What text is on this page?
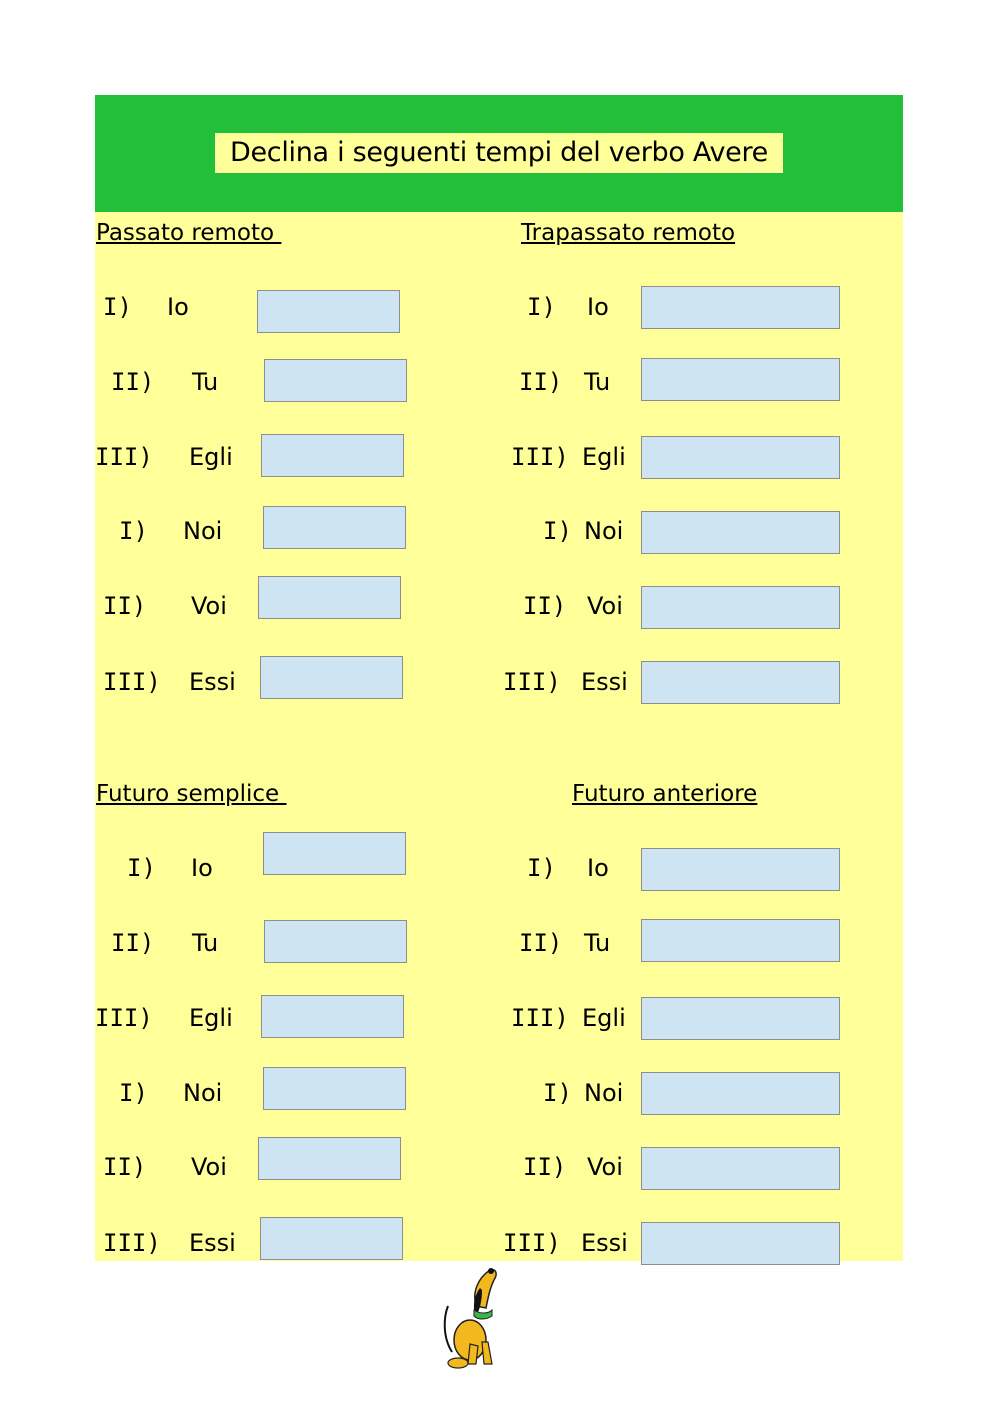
Declina i seguenti tempi del verbo Avere
Passato remoto
I) Io
II) Tu
III) Egli
I) Noi
II) Voi
III) Essi
Trapassato remoto
I) Io
II) Tu
III) Egli
I) Noi
II) Voi
III) Essi
Futuro semplice
I) Io
II) Tu
III) Egli
I) Noi
II) Voi
III) Essi
Futuro anteriore
I) Io
II) Tu
III) Egli
I) Noi
II) Voi
III) Essi
